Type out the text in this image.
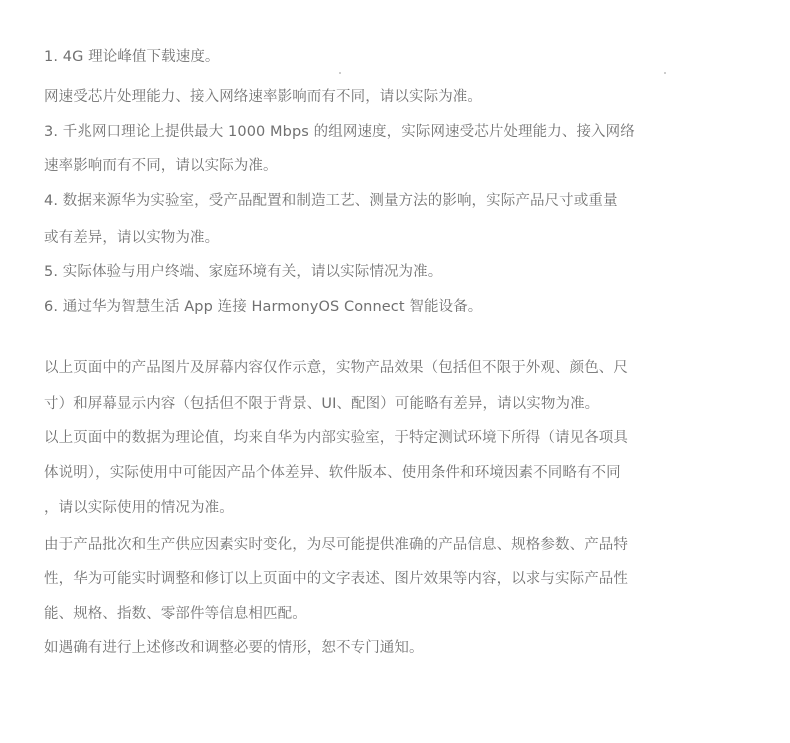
1. 4G 理论峰值下载速度。
网速受芯片处理能力、接入网络速率影响而有不同，请以实际为准。
3. 千兆网口理论上提供最大 1000 Mbps 的组网速度，实际网速受芯片处理能力、接入网络
速率影响而有不同，请以实际为准。
4. 数据来源华为实验室，受产品配置和制造工艺、测量方法的影响，实际产品尺寸或重量
或有差异，请以实物为准。
5. 实际体验与用户终端、家庭环境有关，请以实际情况为准。
6. 通过华为智慧生活 App 连接 HarmonyOS Connect 智能设备。
以上页面中的产品图片及屏幕内容仅作示意，实物产品效果（包括但不限于外观、颜色、尺
寸）和屏幕显示内容（包括但不限于背景、UI、配图）可能略有差异，请以实物为准。
以上页面中的数据为理论值，均来自华为内部实验室，于特定测试环境下所得（请见各项具
体说明），实际使用中可能因产品个体差异、软件版本、使用条件和环境因素不同略有不同
，请以实际使用的情况为准。
由于产品批次和生产供应因素实时变化，为尽可能提供准确的产品信息、规格参数、产品特
性，华为可能实时调整和修订以上页面中的文字表述、图片效果等内容，以求与实际产品性
能、规格、指数、零部件等信息相匹配。
如遇确有进行上述修改和调整必要的情形，恕不专门通知。
